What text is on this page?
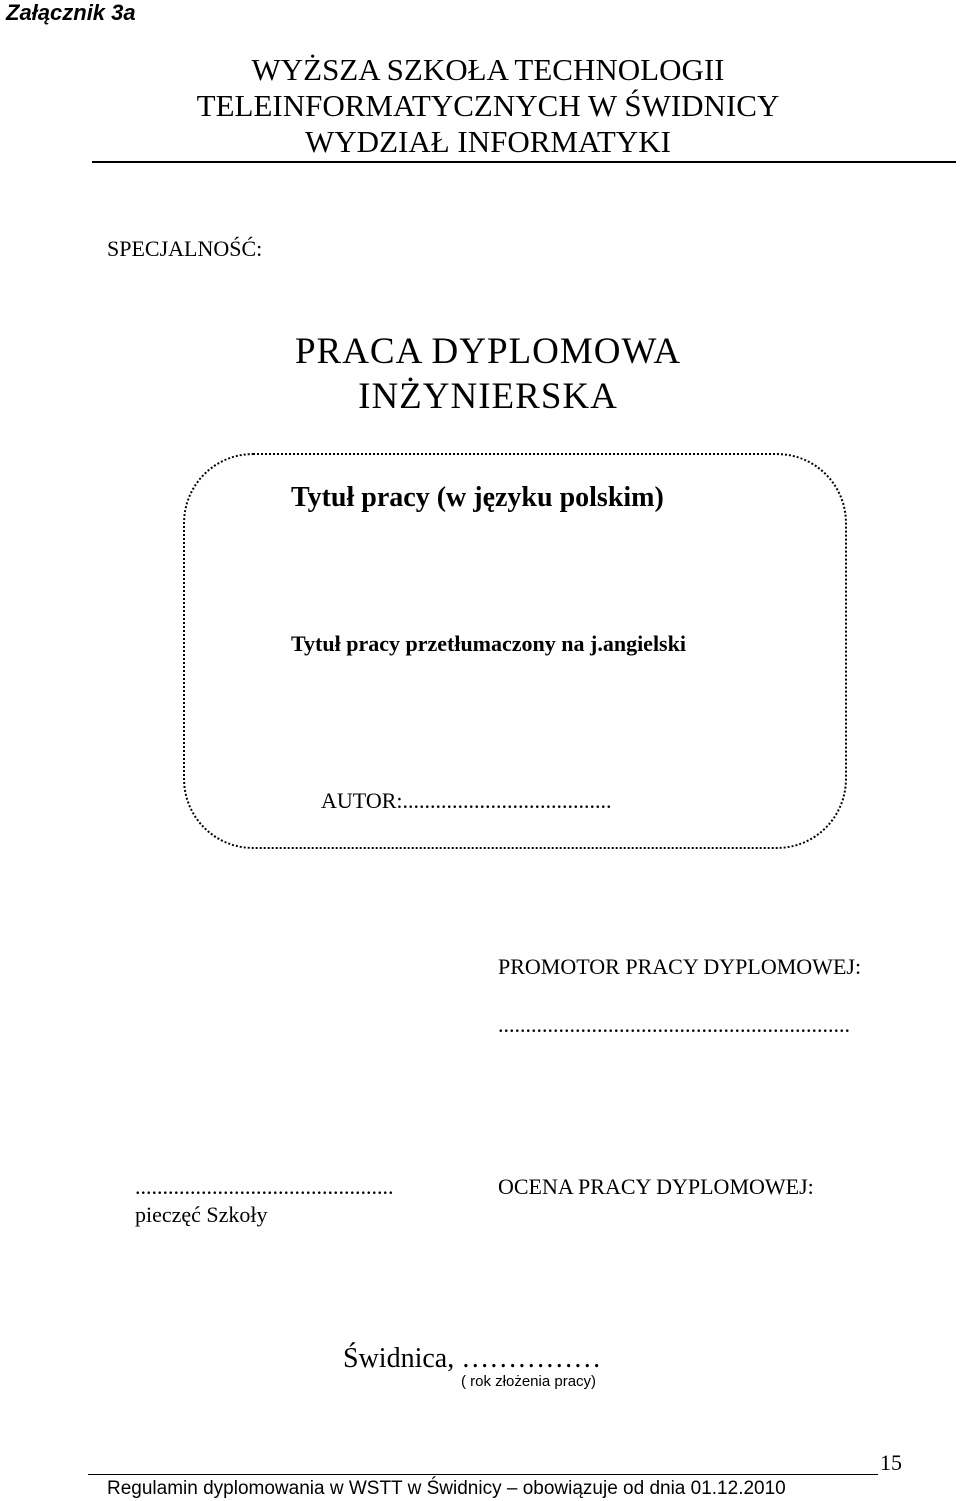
Załącznik 3a
WYŻSZA SZKOŁA TECHNOLOGII
TELEINFORMATYCZNYCH W ŚWIDNICY
WYDZIAŁ INFORMATYKI
SPECJALNOŚĆ:
PRACA DYPLOMOWA
INŻYNIERSKA
Tytuł pracy (w języku polskim)
Tytuł pracy przetłumaczony na j.angielski
AUTOR:......................................
PROMOTOR PRACY DYPLOMOWEJ:
................................................................
...............................................
pieczęć Szkoły
OCENA PRACY DYPLOMOWEJ:
Świdnica, ……………
( rok złożenia pracy)
15
Regulamin dyplomowania w WSTT w Świdnicy – obowiązuje od dnia 01.12.2010
